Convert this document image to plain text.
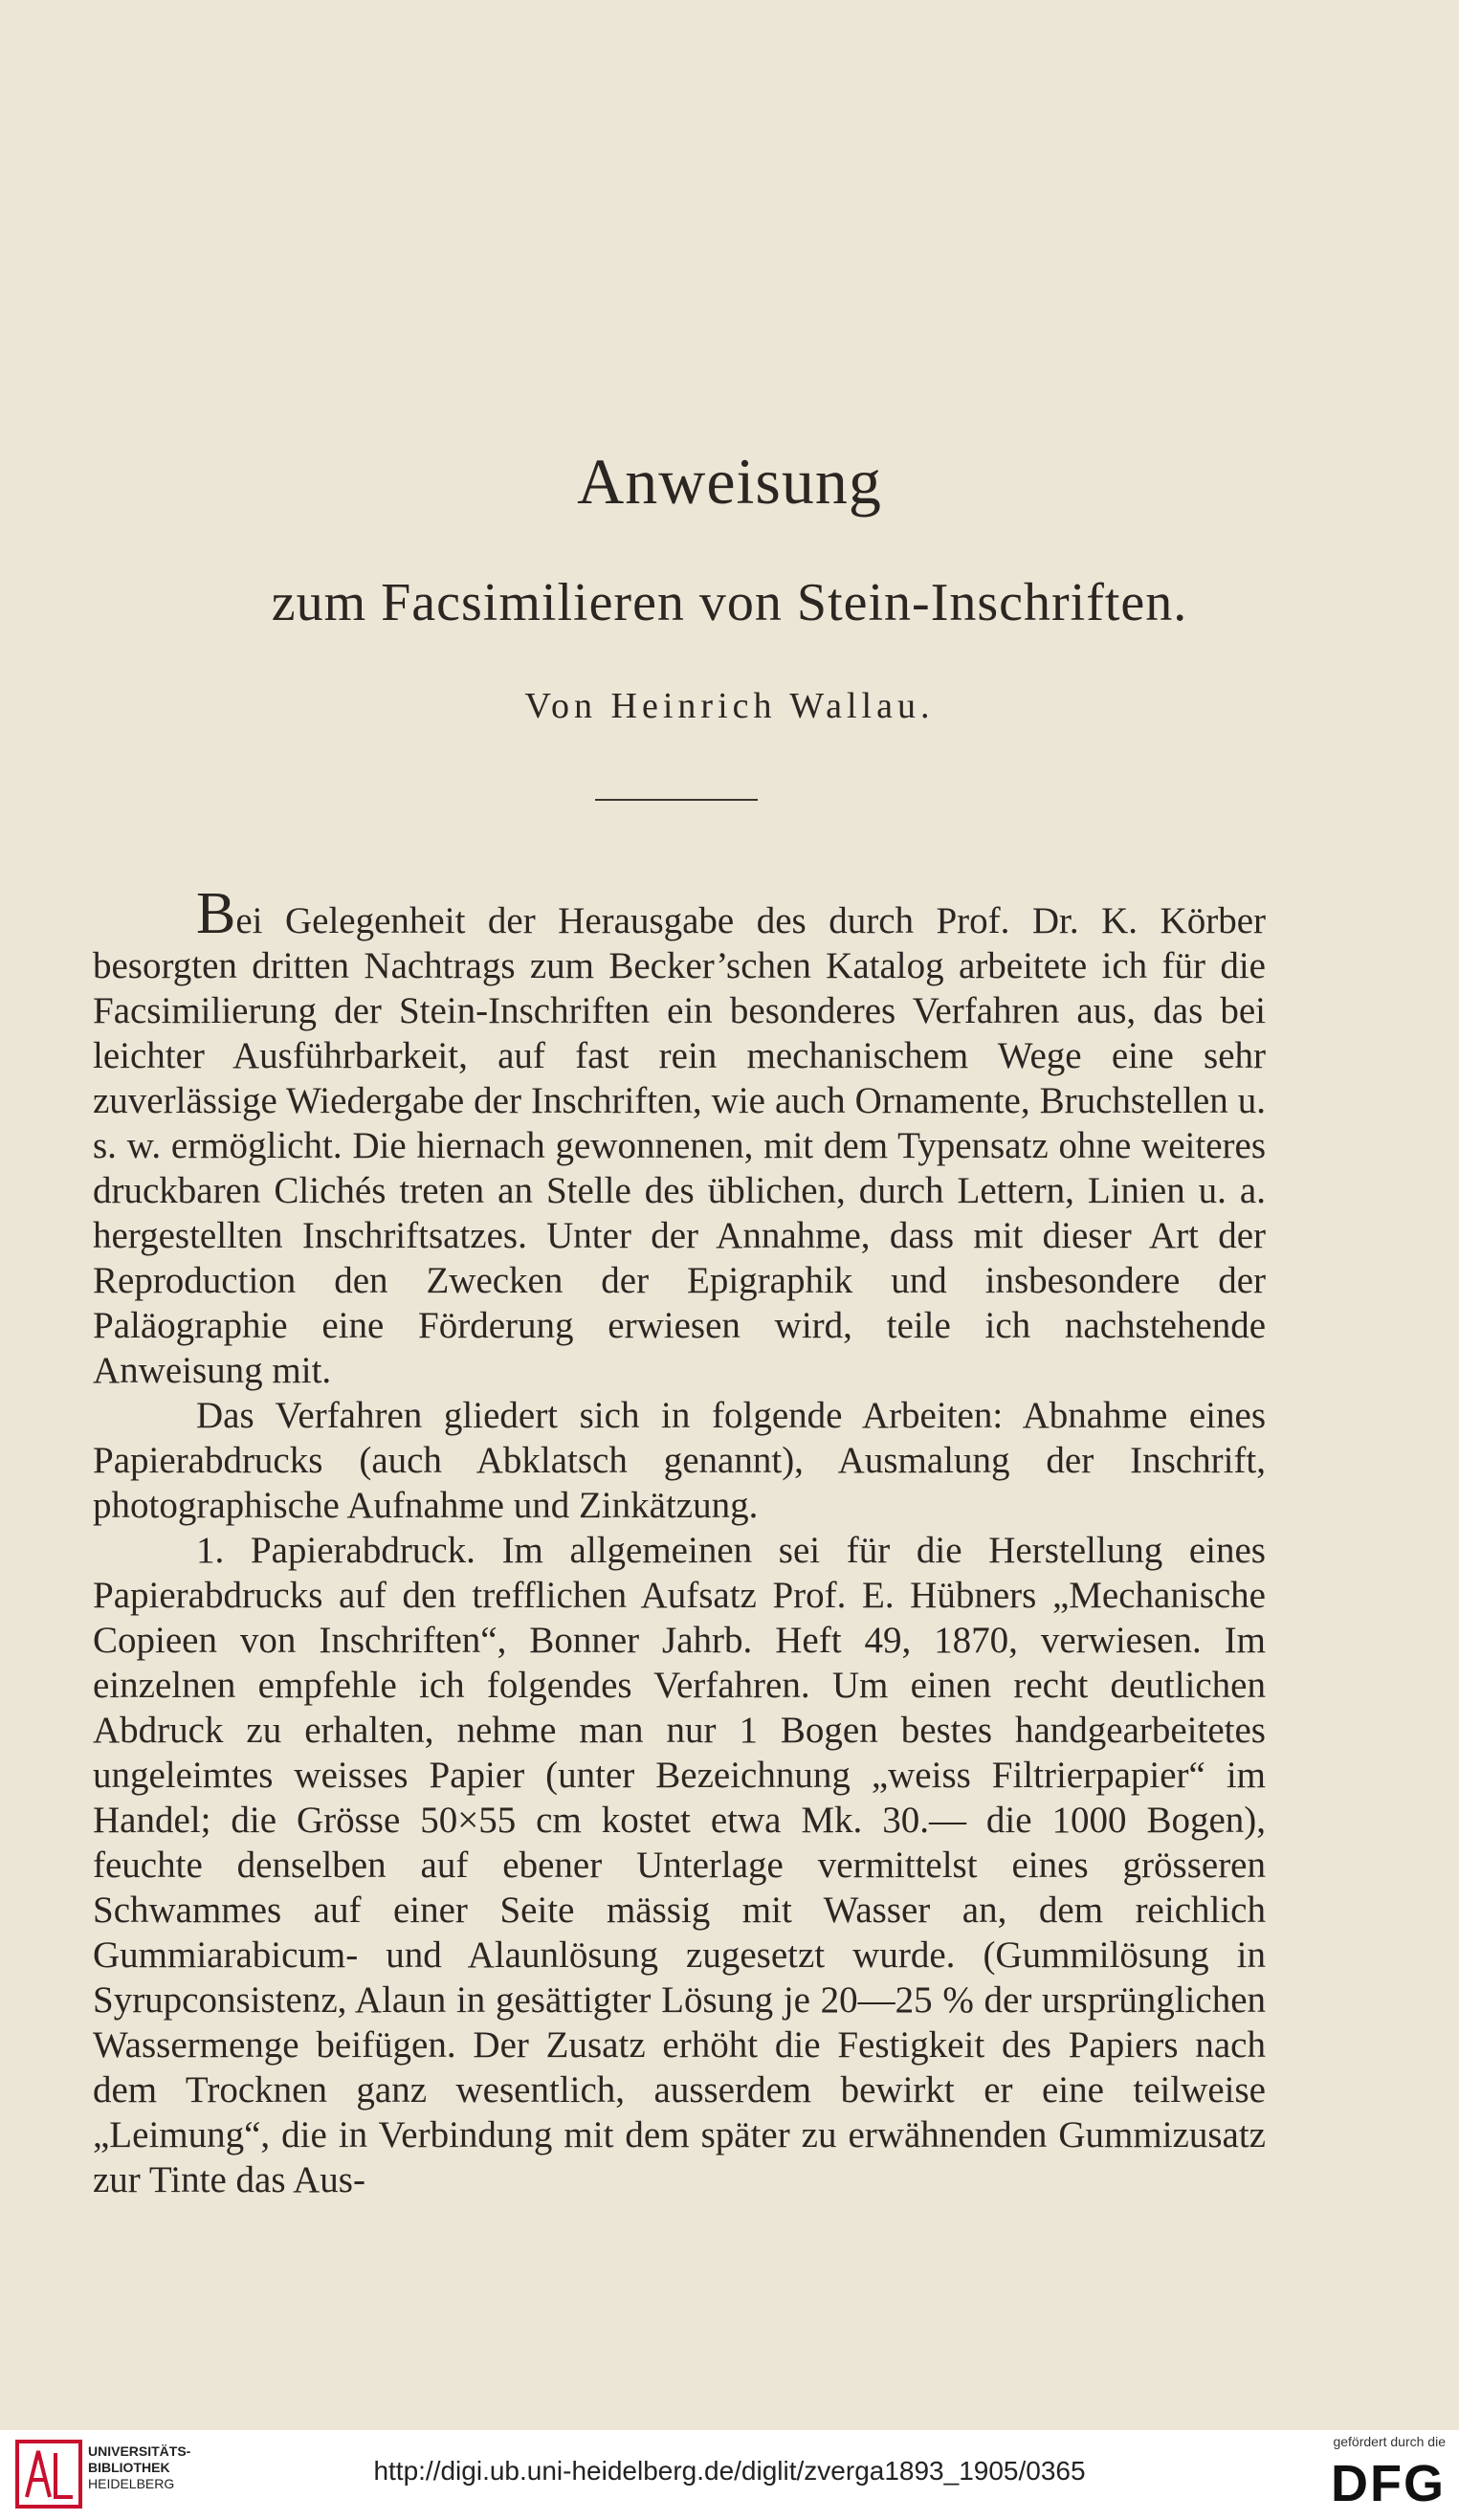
Anweisung
zum Facsimilieren von Stein-Inschriften.
Von Heinrich Wallau.

Bei Gelegenheit der Herausgabe des durch Prof. Dr. K. Körber besorgten dritten Nachtrags zum Becker’schen Katalog arbeitete ich für die Facsimilierung der Stein-Inschriften ein besonderes Verfahren aus, das bei leichter Ausführbarkeit, auf fast rein mechanischem Wege eine sehr zuverlässige Wiedergabe der Inschriften, wie auch Ornamente, Bruchstellen u. s. w. ermöglicht. Die hiernach gewonnenen, mit dem Typensatz ohne weiteres druckbaren Clichés treten an Stelle des üblichen, durch Lettern, Linien u. a. hergestellten Inschriftsatzes. Unter der Annahme, dass mit dieser Art der Reproduction den Zwecken der Epigraphik und insbesondere der Paläographie eine Förderung erwiesen wird, teile ich nachstehende Anweisung mit.

Das Verfahren gliedert sich in folgende Arbeiten: Abnahme eines Papierabdrucks (auch Abklatsch genannt), Ausmalung der Inschrift, photographische Aufnahme und Zinkätzung.

1. Papierabdruck. Im allgemeinen sei für die Herstellung eines Papierabdrucks auf den trefflichen Aufsatz Prof. E. Hübners „Mechanische Copieen von Inschriften“, Bonner Jahrb. Heft 49, 1870, verwiesen. Im einzelnen empfehle ich folgendes Verfahren. Um einen recht deutlichen Abdruck zu erhalten, nehme man nur 1 Bogen bestes handgearbeitetes ungeleimtes weisses Papier (unter Bezeichnung „weiss Filtrierpapier“ im Handel; die Grösse 50×55 cm kostet etwa Mk. 30.— die 1000 Bogen), feuchte denselben auf ebener Unterlage vermittelst eines grösseren Schwammes auf einer Seite mässig mit Wasser an, dem reichlich Gummiarabicum- und Alaunlösung zugesetzt wurde. (Gummilösung in Syrupconsistenz, Alaun in gesättigter Lösung je 20—25 % der ursprünglichen Wassermenge beifügen. Der Zusatz erhöht die Festigkeit des Papiers nach dem Trocknen ganz wesentlich, ausserdem bewirkt er eine teilweise „Leimung“, die in Verbindung mit dem später zu erwähnenden Gummizusatz zur Tinte das Aus-

UNIVERSITÄTS-
BIBLIOTHEK
HEIDELBERG	http://digi.ub.uni-heidelberg.de/diglit/zverga1893_1905/0365
gefördert durch die
DFG
